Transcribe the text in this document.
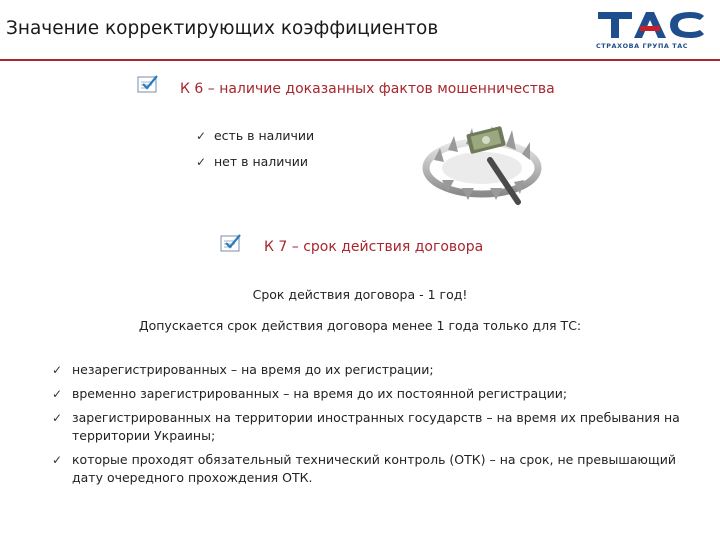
Значение корректирующих коэффициентов
СТРАХОВА ГРУПА ТАС
К 6 – наличие доказанных фактов мошенничества
✓ есть в наличии
✓ нет в наличии
К 7 – срок действия договора
Срок действия договора - 1 год!
Допускается срок действия договора менее 1 года только для ТС:
✓ незарегистрированных – на время до их регистрации;
✓ временно зарегистрированных – на время до их постоянной регистрации;
✓ зарегистрированных на территории иностранных государств – на время их пребывания на территории Украины;
✓ которые проходят обязательный технический контроль (ОТК) – на срок, не превышающий дату очередного прохождения ОТК.
